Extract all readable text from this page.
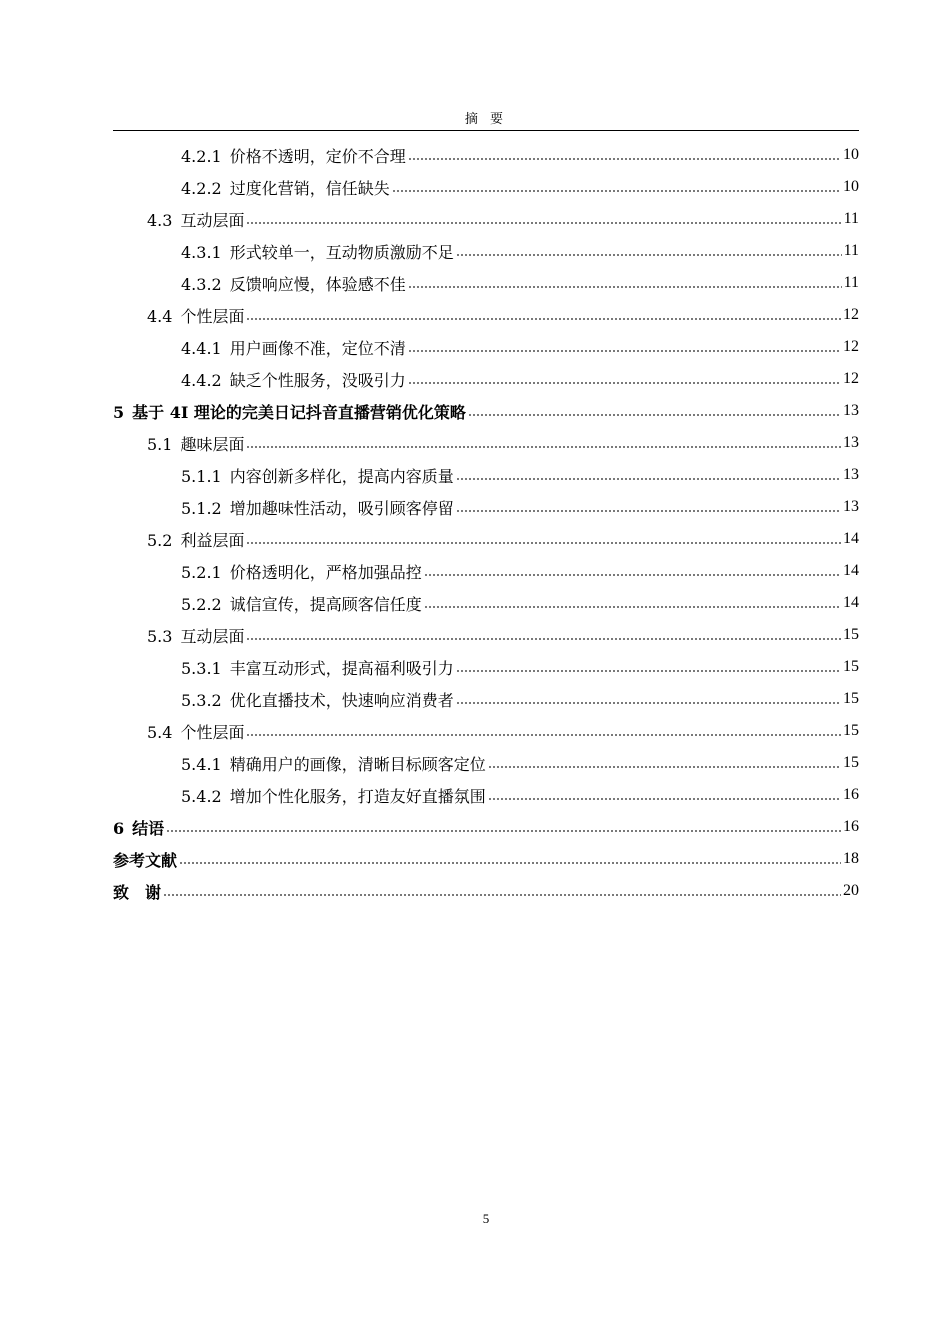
摘 要
4.2.1 价格不透明，定价不合理	10
4.2.2 过度化营销，信任缺失	10
4.3 互动层面	11
4.3.1 形式较单一，互动物质激励不足	11
4.3.2 反馈响应慢，体验感不佳	11
4.4 个性层面	12
4.4.1 用户画像不准，定位不清	12
4.4.2 缺乏个性服务，没吸引力	12
5 基于 4I 理论的完美日记抖音直播营销优化策略	13
5.1 趣味层面	13
5.1.1 内容创新多样化，提高内容质量	13
5.1.2 增加趣味性活动，吸引顾客停留	13
5.2 利益层面	14
5.2.1 价格透明化，严格加强品控	14
5.2.2 诚信宣传，提高顾客信任度	14
5.3 互动层面	15
5.3.1 丰富互动形式，提高福利吸引力	15
5.3.2 优化直播技术，快速响应消费者	15
5.4 个性层面	15
5.4.1 精确用户的画像，清晰目标顾客定位	15
5.4.2 增加个性化服务，打造友好直播氛围	16
6 结语	16
参考文献	18
致　谢	20
5
